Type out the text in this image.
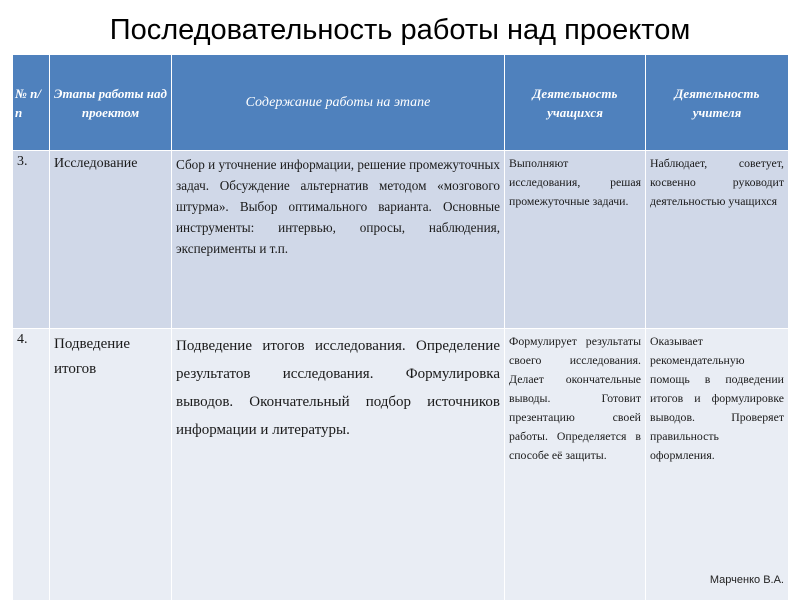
Последовательность работы над проектом
№ п/п	Этапы работы над проектом	Содержание работы на этапе	Деятельность учащихся	Деятельность учителя
3.	Исследование	Сбор и уточнение информации, решение промежуточных задач. Обсуждение альтернатив методом «мозгового штурма». Выбор оптимального варианта. Основные инструменты: интервью, опросы, наблюдения, эксперименты и т.п.	Выполняют исследования, решая промежуточные задачи.	Наблюдает, советует, косвенно руководит деятельностью учащихся
4.	Подведение итогов	Подведение итогов исследования. Определение результатов исследования. Формулировка выводов. Окончательный подбор источников информации и литературы.	Формулирует результаты своего исследования. Делает окончательные выводы. Готовит презентацию своей работы. Определяется в способе её защиты.	Оказывает рекомендательную помощь в подведении итогов и формулировке выводов. Проверяет правильность оформления.
Марченко В.А.
